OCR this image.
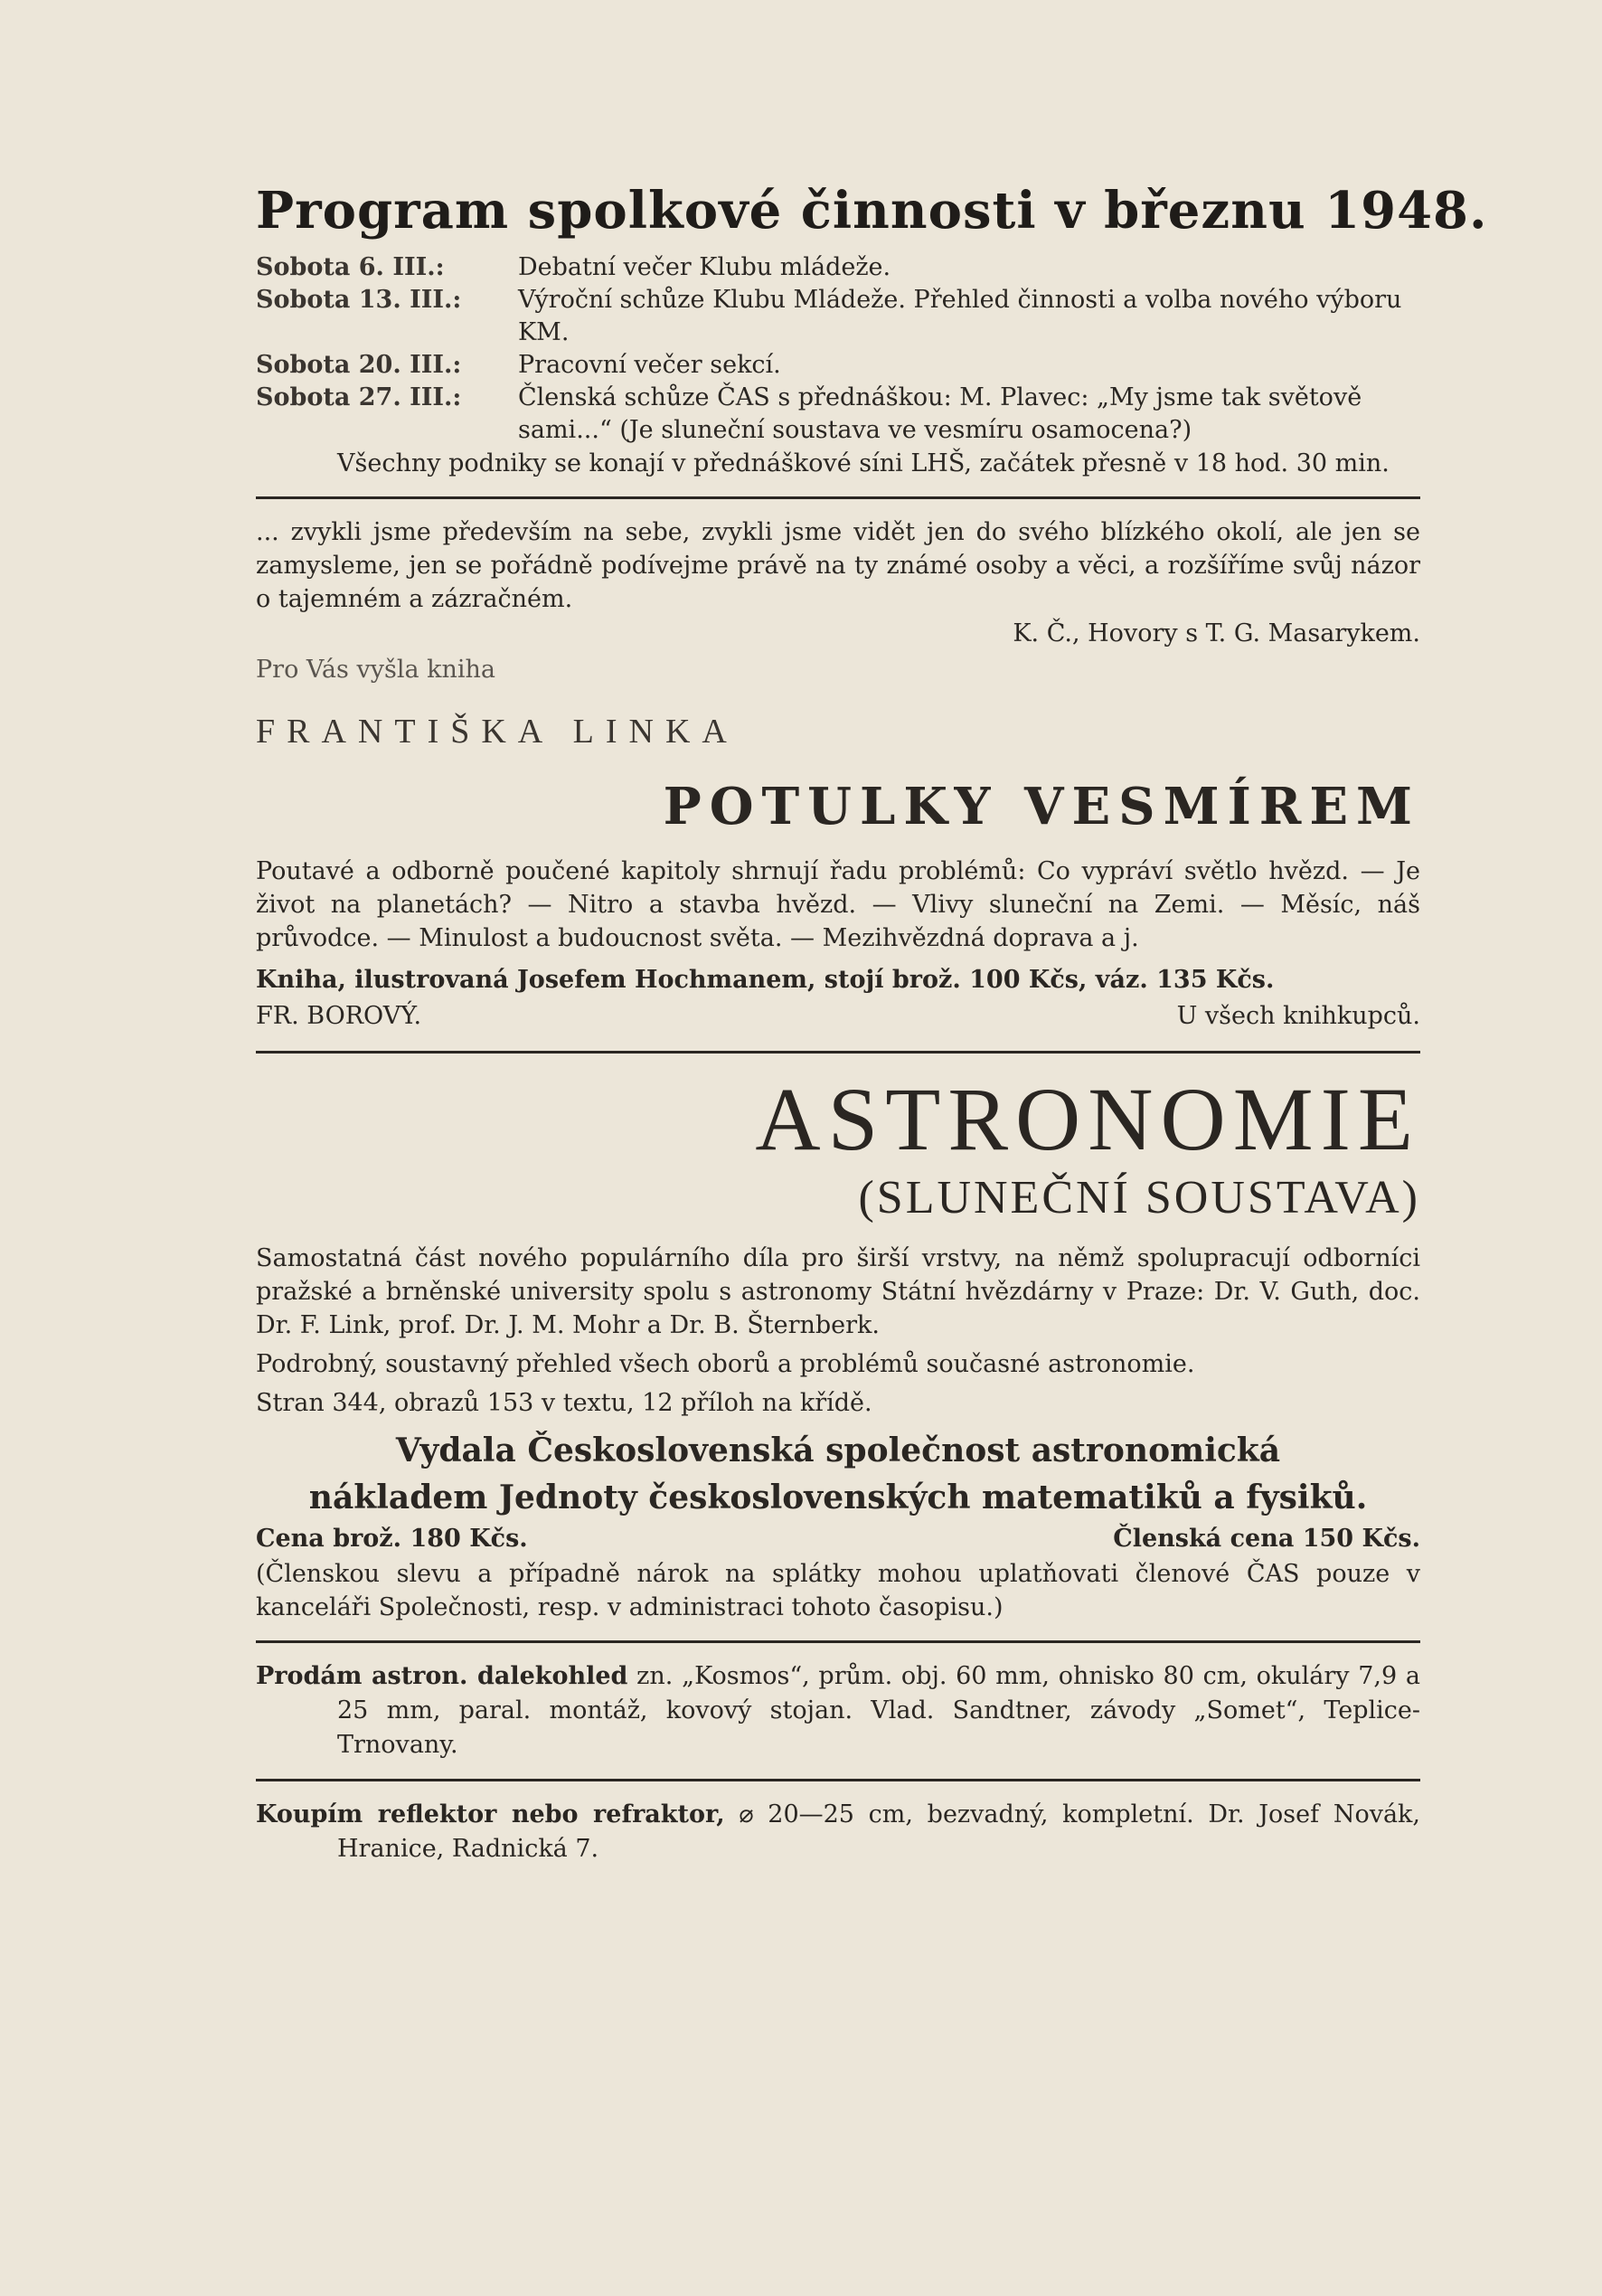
Program spolkové činnosti v březnu 1948.
Sobota 6. III.:	Debatní večer Klubu mládeže.
Sobota 13. III.:	Výroční schůze Klubu Mládeže. Přehled činnosti a volba nového výboru KM.
Sobota 20. III.:	Pracovní večer sekcí.
Sobota 27. III.:	Členská schůze ČAS s přednáškou: M. Plavec: „My jsme tak světově sami...“ (Je sluneční soustava ve vesmíru osamocena?)

Všechny podniky se konají v přednáškové síni LHŠ, začátek přesně v 18 hod. 30 min.

... zvykli jsme především na sebe, zvykli jsme vidět jen do svého blízkého okolí, ale jen se zamysleme, jen se pořádně podívejme právě na ty známé osoby a věci, a rozšíříme svůj názor o tajemném a zázračném.

K. Č., Hovory s T. G. Masarykem.
Pro Vás vyšla kniha
FRANTIŠKA LINKA
POTULKY VESMÍREM

Poutavé a odborně poučené kapitoly shrnují řadu problémů: Co vypráví světlo hvězd. — Je život na planetách? — Nitro a stavba hvězd. — Vlivy sluneční na Zemi. — Měsíc, náš průvodce. — Minulost a budoucnost světa. — Mezihvězdná doprava a j.

Kniha, ilustrovaná Josefem Hochmanem, stojí brož. 100 Kčs, váz. 135 Kčs.
FR. BOROVÝ.	U všech knihkupců.
ASTRONOMIE
(SLUNEČNÍ SOUSTAVA)

Samostatná část nového populárního díla pro širší vrstvy, na němž spolupracují odborníci pražské a brněnské university spolu s astronomy Státní hvězdárny v Praze: Dr. V. Guth, doc. Dr. F. Link, prof. Dr. J. M. Mohr a Dr. B. Šternberk.

Podrobný, soustavný přehled všech oborů a problémů současné astronomie.

Stran 344, obrazů 153 v textu, 12 příloh na křídě.

Vydala Československá společnost astronomická
nákladem Jednoty československých matematiků a fysiků.
Cena brož. 180 Kčs.	Členská cena 150 Kčs.

(Členskou slevu a případně nárok na splátky mohou uplatňovati členové ČAS pouze v kanceláři Společnosti, resp. v administraci tohoto časopisu.)

Prodám astron. dalekohled zn. „Kosmos“, prům. obj. 60 mm, ohnisko 80 cm, okuláry 7,9 a 25 mm, paral. montáž, kovový stojan. Vlad. Sandtner, závody „Somet“, Teplice-Trnovany.
Koupím reflektor nebo refraktor, ⌀ 20—25 cm, bezvadný, kompletní. Dr. Josef Novák, Hranice, Radnická 7.
